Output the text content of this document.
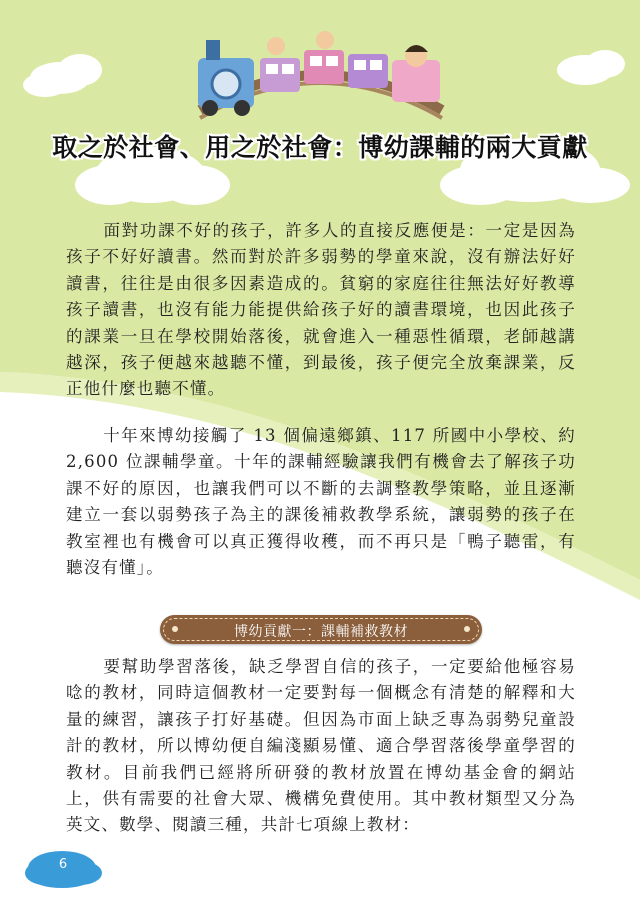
取之於社會、用之於社會：博幼課輔的兩大貢獻

面對功課不好的孩子，許多人的直接反應便是：一定是因為孩子不好好讀書。然而對於許多弱勢的學童來說，沒有辦法好好讀書，往往是由很多因素造成的。貧窮的家庭往往無法好好教導孩子讀書，也沒有能力能提供給孩子好的讀書環境，也因此孩子的課業一旦在學校開始落後，就會進入一種惡性循環，老師越講越深，孩子便越來越聽不懂，到最後，孩子便完全放棄課業，反正他什麼也聽不懂。

十年來博幼接觸了 13 個偏遠鄉鎮、117 所國中小學校、約 2,600 位課輔學童。十年的課輔經驗讓我們有機會去了解孩子功課不好的原因，也讓我們可以不斷的去調整教學策略，並且逐漸建立一套以弱勢孩子為主的課後補救教學系統，讓弱勢的孩子在教室裡也有機會可以真正獲得收穫，而不再只是「鴨子聽雷，有聽沒有懂」。

博幼貢獻一：課輔補救教材

要幫助學習落後，缺乏學習自信的孩子，一定要給他極容易唸的教材，同時這個教材一定要對每一個概念有清楚的解釋和大量的練習，讓孩子打好基礎。但因為市面上缺乏專為弱勢兒童設計的教材，所以博幼便自編淺顯易懂、適合學習落後學童學習的教材。目前我們已經將所研發的教材放置在博幼基金會的網站上，供有需要的社會大眾、機構免費使用。其中教材類型又分為英文、數學、閱讀三種，共計七項線上教材：

6
